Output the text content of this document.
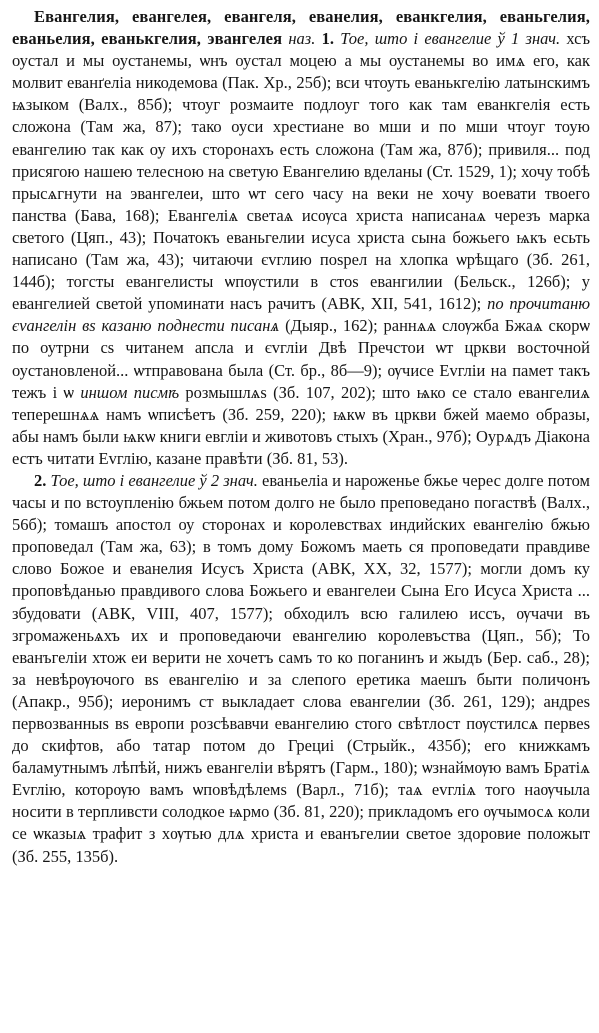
Евангелия, евангелея, евангеля, еванелия, еванкгелия, еваньгелия, еваньелия, еванькгелия, эвангелея наз. 1. Тое, што і евангелие ў 1 знач. хсъ оустал и мы оустанемы, ѡнъ оустал моцею а мы оустанемы во имѧ его, как молвит еванґеліа никодемова (Пак. Хр., 25б); вси чтоуть еванькгелію латынскимъ ѩзыком (Валх., 85б); чтоуг розмаите подлоуг того как там еванкгелія есть сложона (Там жа, 87); тако оуси хрестиане во мши и по мши чтоуг тоую евангелию так как оу ихъ сторонахъ есть сложона (Там жа, 87б); привиля... под присягою нашею телесною на светую Евангелию вделаны (Ст. 1529, 1); хочу тобѣ прысѧгнути на эвангелеи, што ѡт сего часу на веки не хочу воевати твоего панства (Бава, 168); Евангеліѧ светаѧ исѹса христа написанаѧ черезъ марка светого (Цяп., 43); Початокъ еваньгелии исуса христа сына божьего ѩкъ есьть написано (Там жа, 43); читаючи єvглию поѕрел на хлопка ѡрѣщаго (Зб. 261, 144б); тогсты евангелисты ѡпѹстили в стоѕ евангилии (Бельск., 126б); у евангелией светой упоминати насъ рачитъ (АВК, XII, 541, 1612); по прочитаню єvангелін вѕ казаню поднести писанѧ (Дыяр., 162); раннѧѧ слѹжба Бжаѧ скорѡ по оутрни сѕ читанем апсла и єvгліи Двѣ Пречстои ѡт цркви восточной оустановленой... ѡтправована была (Ст. бр., 8б—9); ѹчисе Еvгліи на памет такъ тежъ і ѡ иншом писмѣ розмышлѧѕ (Зб. 107, 202); што ѩко се стало евангелиѧ теперешнѧѧ намъ ѡписѣетъ (Зб. 259, 220); ѩкѡ въ цркви бжей маемо образы, абы намъ были ѩкѡ книги евгліи и животовъ стыхъ (Хран., 97б); Оурѧдъ Діакона естъ читати Еvглію, казане правѣти (Зб. 81, 53).

2. Тое, што і евангелие ў 2 знач. еваньеліа и нароженье бжье черес долге потом часы и по встоупленію бжьем потом долго не было преповедано погаствѣ (Валх., 56б); томашъ апостол оу сторонах и королевствах индийских евангелію бжью проповедал (Там жа, 63); в томъ дому Божомъ маеть ся проповедати правдиве слово Божое и еванелия Исусъ Христа (АВК, XX, 32, 1577); могли домъ ку проповѣданью правдивого слова Божьего и евангелеи Сына Его Исуса Христа ... збудовати (АВК, VIII, 407, 1577); обходилъ всю галилею иссъ, ѹчачи въ згромаженьѧхъ их и проповедаючи евангелию королевъства (Цяп., 5б); То еванъгеліи хтож еи верити не хочетъ самъ то ко поганинъ и жыдъ (Бер. саб., 28); за невѣрѹючого вѕ евангелію и за слепого еретика маешъ быти поличонъ (Апакр., 95б); иеронимъ ст выкладает слова евангелии (Зб. 261, 129); андреѕ первозванныѕ вѕ европи розсѣвавчи евангелию стого свѣтлост пѹстилсѧ первеѕ до скифтов, або татар потом до Грециі (Стрыйк., 435б); его книжкамъ баламутнымъ лѣпѣй, нижъ евангеліи вѣрятъ (Гарм., 180); ѡзнаймѹю вамъ Братіѧ Еvглію, которѹю вамъ ѡповѣдѣлемѕ (Варл., 71б); таѧ еvгліѧ того наѹчыла носити в терпливсти солодкое ѩрмо (Зб. 81, 220); прикладомъ его ѹчымосѧ коли се ѡказыѧ трафит з хѹтью длѧ христа и еванъгелии светое здоровие положыт (Зб. 255, 135б).
